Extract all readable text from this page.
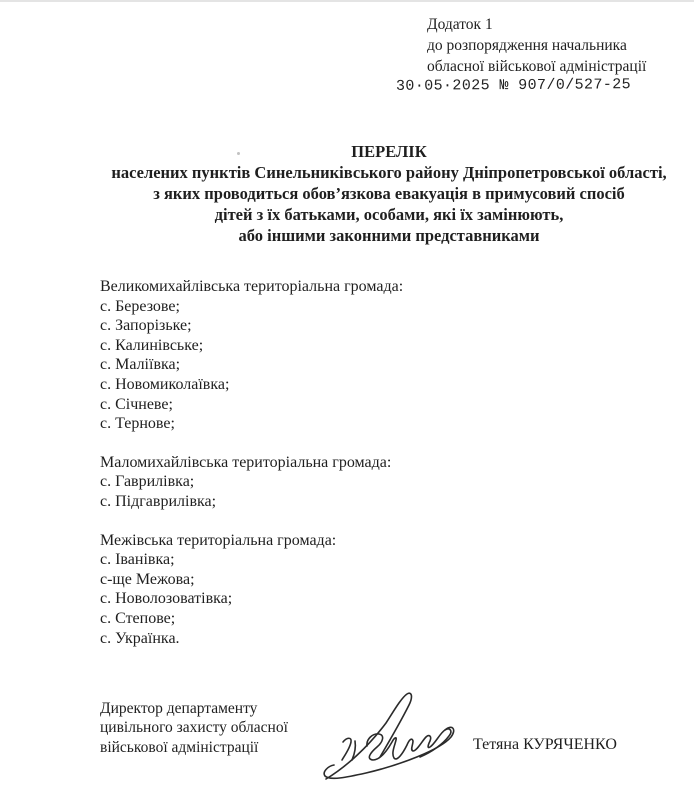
Додаток 1
до розпорядження начальника
обласної військової адміністрації
30·05·2025 № 907/0/527-25
ПЕРЕЛІК
населених пунктів Синельниківського району Дніпропетровської області,
з яких проводиться обов’язкова евакуація в примусовий спосіб
дітей з їх батьками, особами, які їх замінюють,
або іншими законними представниками
Великомихайлівська територіальна громада:
с. Березове;
с. Запорізьке;
с. Калинівське;
с. Маліївка;
с. Новомиколаївка;
с. Січневе;
с. Тернове;
Маломихайлівська територіальна громада:
с. Гаврилівка;
с. Підгаврилівка;
Межівська територіальна громада:
с. Іванівка;
с-ще Межова;
с. Новолозоватівка;
с. Степове;
с. Українка.
Директор департаменту
цивільного захисту обласної
військової адміністрації	Тетяна КУРЯЧЕНКО
